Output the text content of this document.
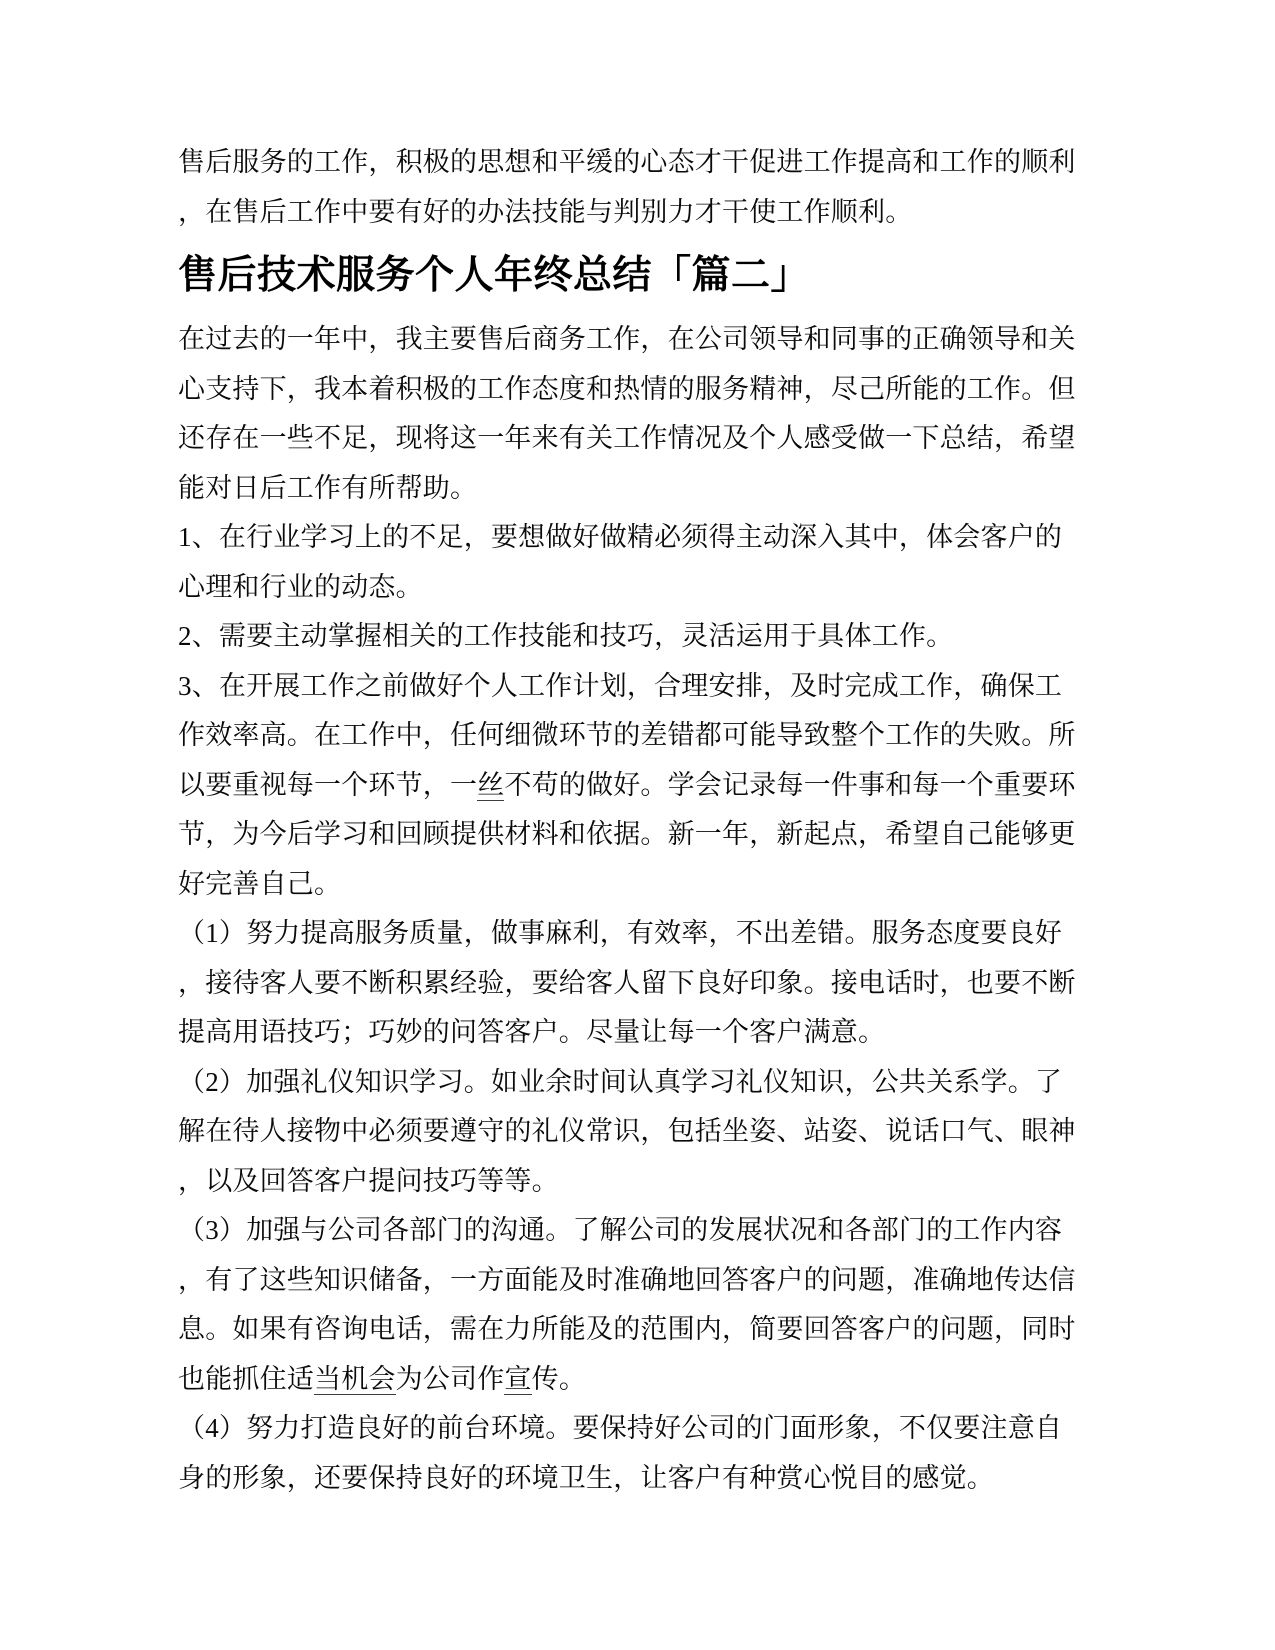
售后服务的工作，积极的思想和平缓的心态才干促进工作提高和工作的顺利
，在售后工作中要有好的办法技能与判别力才干使工作顺利。
售后技术服务个人年终总结「篇二」
在过去的一年中，我主要售后商务工作，在公司领导和同事的正确领导和关
心支持下，我本着积极的工作态度和热情的服务精神，尽己所能的工作。但
还存在一些不足，现将这一年来有关工作情况及个人感受做一下总结，希望
能对日后工作有所帮助。
1、在行业学习上的不足，要想做好做精必须得主动深入其中，体会客户的
心理和行业的动态。
2、需要主动掌握相关的工作技能和技巧，灵活运用于具体工作。
3、在开展工作之前做好个人工作计划，合理安排，及时完成工作，确保工
作效率高。在工作中，任何细微环节的差错都可能导致整个工作的失败。所
以要重视每一个环节，一丝不苟的做好。学会记录每一件事和每一个重要环
节，为今后学习和回顾提供材料和依据。新一年，新起点，希望自己能够更
好完善自己。
（1）努力提高服务质量，做事麻利，有效率，不出差错。服务态度要良好
，接待客人要不断积累经验，要给客人留下良好印象。接电话时，也要不断
提高用语技巧；巧妙的问答客户。尽量让每一个客户满意。
（2）加强礼仪知识学习。如业余时间认真学习礼仪知识，公共关系学。了
解在待人接物中必须要遵守的礼仪常识，包括坐姿、站姿、说话口气、眼神
，以及回答客户提问技巧等等。
（3）加强与公司各部门的沟通。了解公司的发展状况和各部门的工作内容
，有了这些知识储备，一方面能及时准确地回答客户的问题，准确地传达信
息。如果有咨询电话，需在力所能及的范围内，简要回答客户的问题，同时
也能抓住适当机会为公司作宣传。
（4）努力打造良好的前台环境。要保持好公司的门面形象，不仅要注意自
身的形象，还要保持良好的环境卫生，让客户有种赏心悦目的感觉。
